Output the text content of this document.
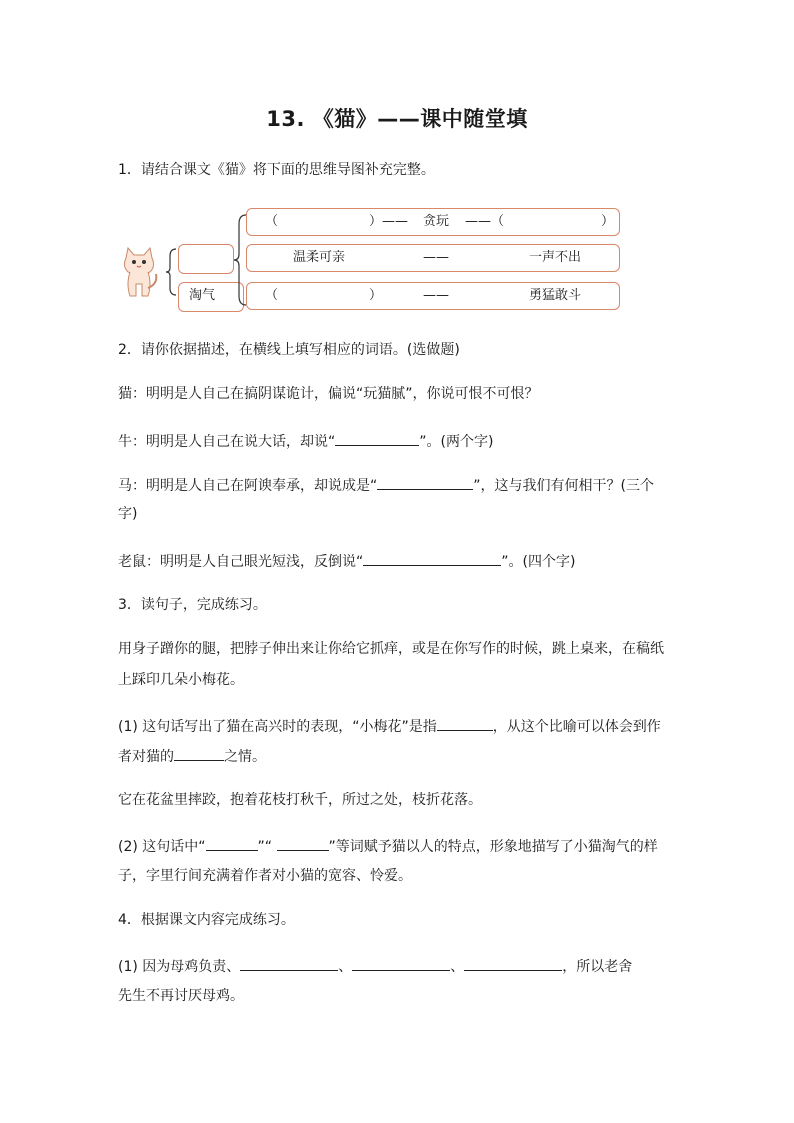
13. 《猫》——课中随堂填
1．请结合课文《猫》将下面的思维导图补充完整。
淘气
（	）—— 贪玩 ——（	）
温柔可亲	——	一声不出
（	）	——	勇猛敢斗
2．请你依据描述，在横线上填写相应的词语。(选做题)
猫：明明是人自己在搞阴谋诡计，偏说“玩猫腻”，你说可恨不可恨？
牛：明明是人自己在说大话，却说“	”。(两个字)
马：明明是人自己在阿谀奉承，却说成是“	”，这与我们有何相干？(三个
字)
老鼠：明明是人自己眼光短浅，反倒说“	”。(四个字)
3．读句子，完成练习。
用身子蹭你的腿，把脖子伸出来让你给它抓痒，或是在你写作的时候，跳上桌来，在稿纸
上踩印几朵小梅花。
(1) 这句话写出了猫在高兴时的表现，“小梅花”是指	，从这个比喻可以体会到作
者对猫的	之情。
它在花盆里摔跤，抱着花枝打秋千，所过之处，枝折花落。
(2) 这句话中“	”“	”等词赋予猫以人的特点，形象地描写了小猫淘气的样
子，字里行间充满着作者对小猫的宽容、怜爱。
4．根据课文内容完成练习。
(1) 因为母鸡负责、	、	、	，所以老舍
先生不再讨厌母鸡。
